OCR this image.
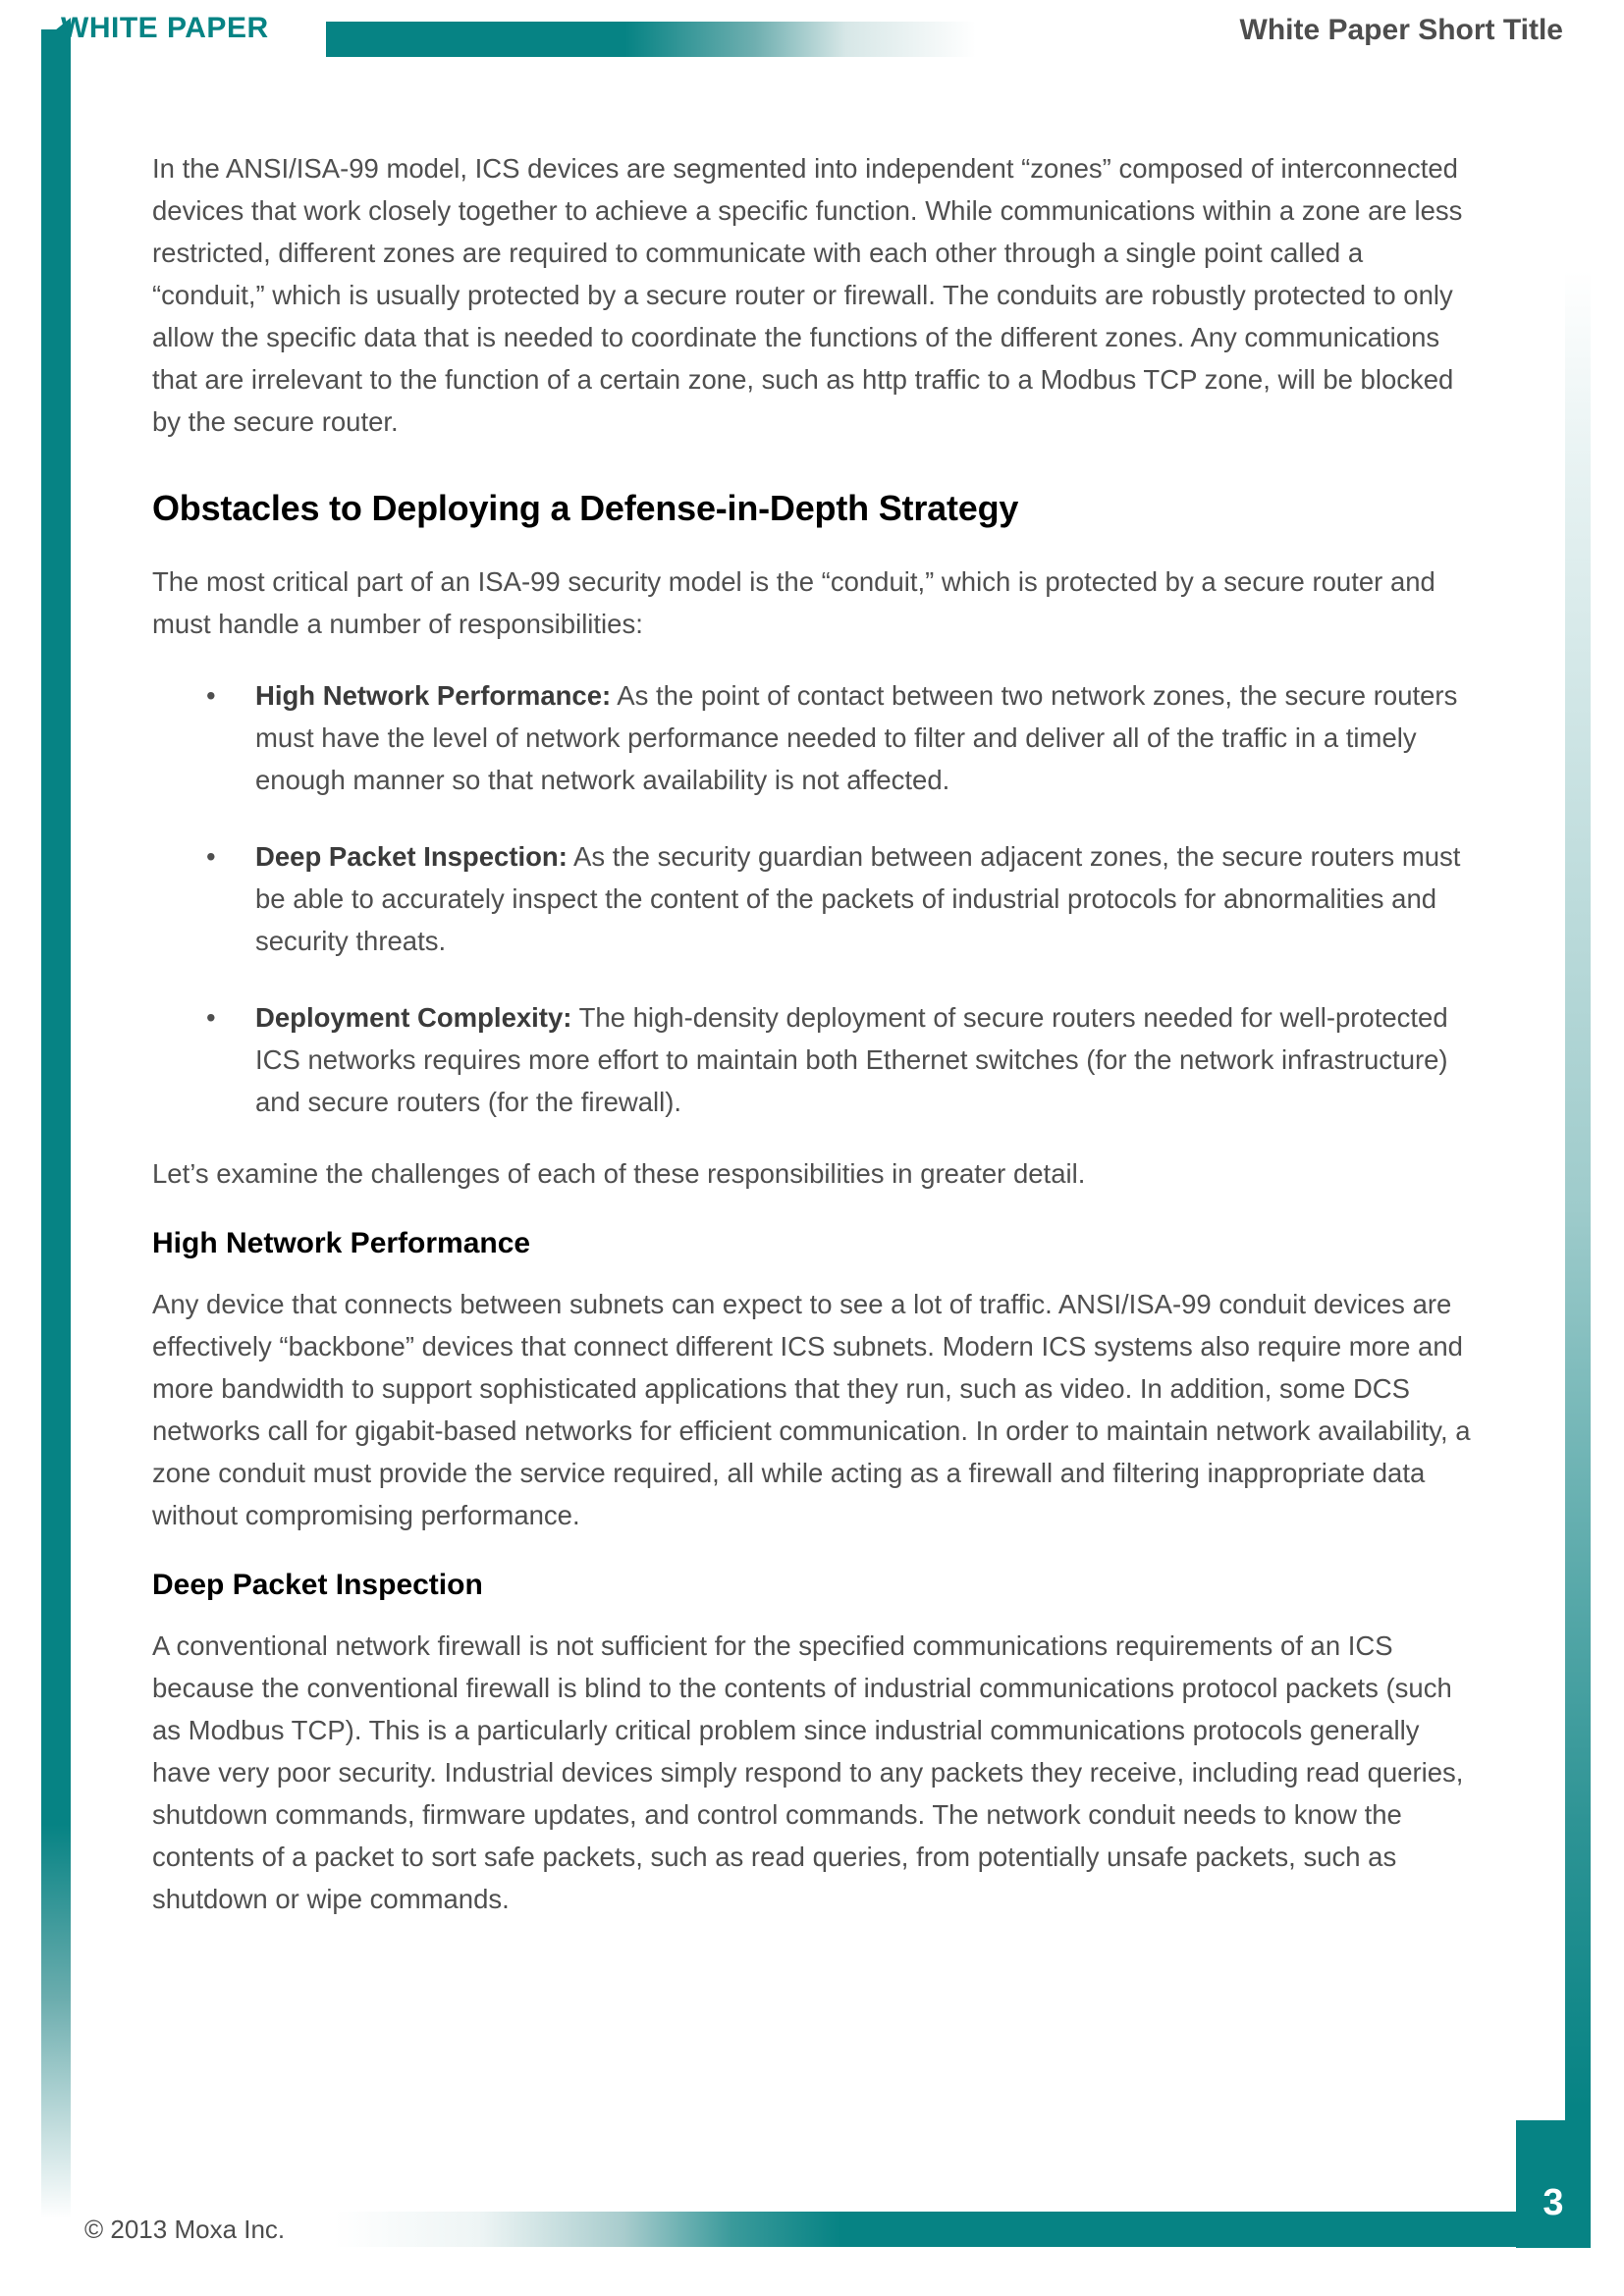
WHITE PAPER	White Paper Short Title

In the ANSI/ISA-99 model, ICS devices are segmented into independent “zones” composed of interconnected devices that work closely together to achieve a specific function. While communications within a zone are less restricted, different zones are required to communicate with each other through a single point called a “conduit,” which is usually protected by a secure router or firewall. The conduits are robustly protected to only allow the specific data that is needed to coordinate the functions of the different zones. Any communications that are irrelevant to the function of a certain zone, such as http traffic to a Modbus TCP zone, will be blocked by the secure router.

Obstacles to Deploying a Defense-in-Depth Strategy

The most critical part of an ISA-99 security model is the “conduit,” which is protected by a secure router and must handle a number of responsibilities:

• High Network Performance: As the point of contact between two network zones, the secure routers must have the level of network performance needed to filter and deliver all of the traffic in a timely enough manner so that network availability is not affected.
• Deep Packet Inspection: As the security guardian between adjacent zones, the secure routers must be able to accurately inspect the content of the packets of industrial protocols for abnormalities and security threats.
• Deployment Complexity: The high-density deployment of secure routers needed for well-protected ICS networks requires more effort to maintain both Ethernet switches (for the network infrastructure) and secure routers (for the firewall).

Let’s examine the challenges of each of these responsibilities in greater detail.

High Network Performance

Any device that connects between subnets can expect to see a lot of traffic. ANSI/ISA-99 conduit devices are effectively “backbone” devices that connect different ICS subnets. Modern ICS systems also require more and more bandwidth to support sophisticated applications that they run, such as video. In addition, some DCS networks call for gigabit-based networks for efficient communication. In order to maintain network availability, a zone conduit must provide the service required, all while acting as a firewall and filtering inappropriate data without compromising performance.

Deep Packet Inspection

A conventional network firewall is not sufficient for the specified communications requirements of an ICS because the conventional firewall is blind to the contents of industrial communications protocol packets (such as Modbus TCP). This is a particularly critical problem since industrial communications protocols generally have very poor security. Industrial devices simply respond to any packets they receive, including read queries, shutdown commands, firmware updates, and control commands. The network conduit needs to know the contents of a packet to sort safe packets, such as read queries, from potentially unsafe packets, such as shutdown or wipe commands.

© 2013 Moxa Inc.
3
